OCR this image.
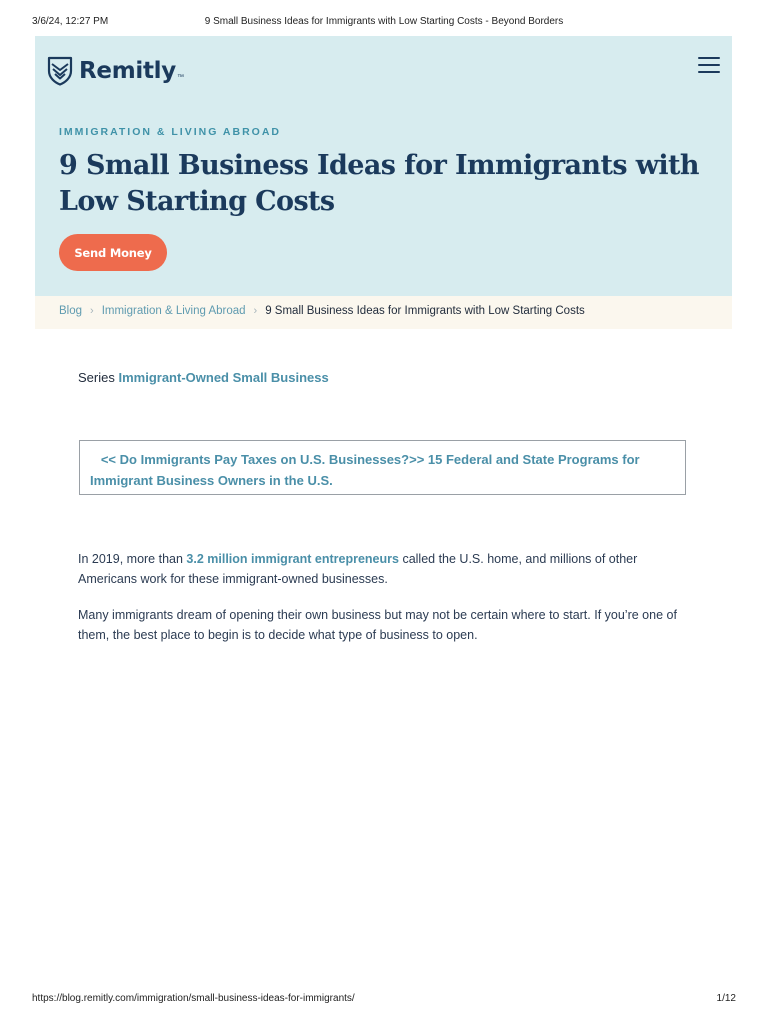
3/6/24, 12:27 PM	9 Small Business Ideas for Immigrants with Low Starting Costs - Beyond Borders
Remitly ™
IMMIGRATION & LIVING ABROAD
9 Small Business Ideas for Immigrants with Low Starting Costs
Send Money
Blog › Immigration & Living Abroad › 9 Small Business Ideas for Immigrants with Low Starting Costs
Series Immigrant-Owned Small Business
<< Do Immigrants Pay Taxes on U.S. Businesses?>> 15 Federal and State Programs for Immigrant Business Owners in the U.S.

In 2019, more than 3.2 million immigrant entrepreneurs called the U.S. home, and millions of other Americans work for these immigrant-owned businesses.

Many immigrants dream of opening their own business but may not be certain where to start. If you’re one of them, the best place to begin is to decide what type of business to open.

https://blog.remitly.com/immigration/small-business-ideas-for-immigrants/	1/12
